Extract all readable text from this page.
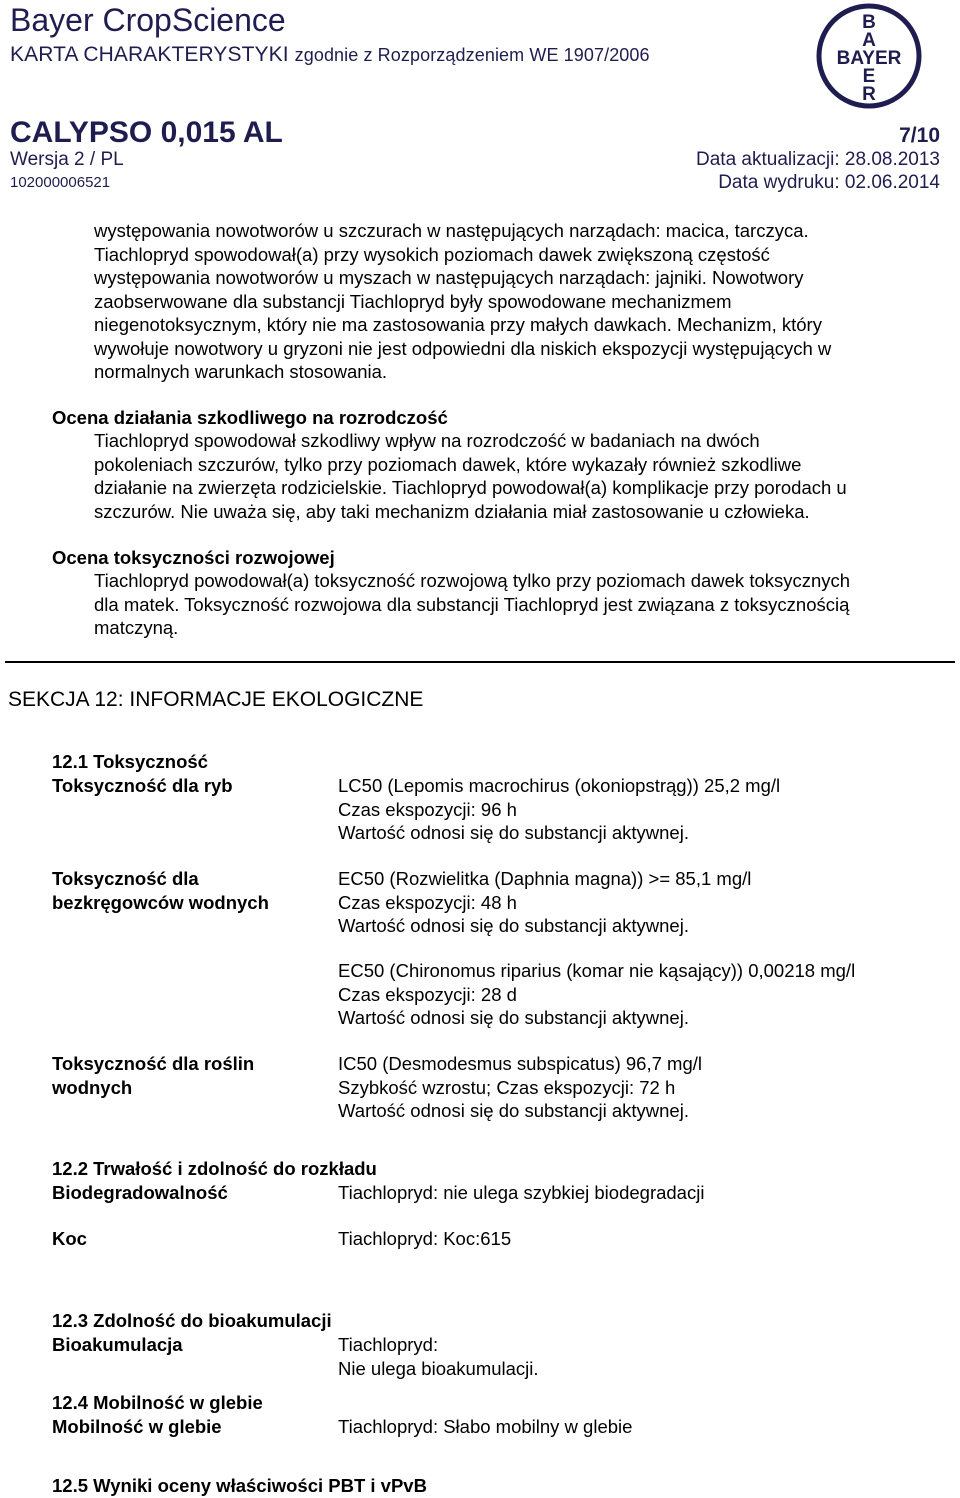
Bayer CropScience
KARTA CHARAKTERYSTYKI zgodnie z Rozporządzeniem WE 1907/2006
CALYPSO 0,015 AL	7/10
Wersja 2 / PL	Data aktualizacji: 28.08.2013
102000006521	Data wydruku: 02.06.2014
B
A
BAYER
E
R

występowania nowotworów u szczurach w następujących narządach: macica, tarczyca.
Tiachlopryd spowodował(a) przy wysokich poziomach dawek zwiększoną częstość
występowania nowotworów u myszach w następujących narządach: jajniki. Nowotwory
zaobserwowane dla substancji Tiachlopryd były spowodowane mechanizmem
niegenotoksycznym, który nie ma zastosowania przy małych dawkach. Mechanizm, który
wywołuje nowotwory u gryzoni nie jest odpowiedni dla niskich ekspozycji występujących w
normalnych warunkach stosowania.

Ocena działania szkodliwego na rozrodczość

Tiachlopryd spowodował szkodliwy wpływ na rozrodczość w badaniach na dwóch
pokoleniach szczurów, tylko przy poziomach dawek, które wykazały również szkodliwe
działanie na zwierzęta rodzicielskie. Tiachlopryd powodował(a) komplikacje przy porodach u
szczurów. Nie uważa się, aby taki mechanizm działania miał zastosowanie u człowieka.

Ocena toksyczności rozwojowej

Tiachlopryd powodował(a) toksyczność rozwojową tylko przy poziomach dawek toksycznych
dla matek. Toksyczność rozwojowa dla substancji Tiachlopryd jest związana z toksycznością
matczyną.

SEKCJA 12: INFORMACJE EKOLOGICZNE

12.1 Toksyczność

Toksyczność dla ryb	LC50 (Lepomis macrochirus (okoniopstrąg)) 25,2 mg/l
Czas ekspozycji: 96 h
Wartość odnosi się do substancji aktywnej.

Toksyczność dla
bezkręgowców wodnych

EC50 (Rozwielitka (Daphnia magna)) >= 85,1 mg/l
Czas ekspozycji: 48 h
Wartość odnosi się do substancji aktywnej.

EC50 (Chironomus riparius (komar nie kąsający)) 0,00218 mg/l
Czas ekspozycji: 28 d
Wartość odnosi się do substancji aktywnej.

Toksyczność dla roślin
wodnych

IC50 (Desmodesmus subspicatus) 96,7 mg/l
Szybkość wzrostu; Czas ekspozycji: 72 h
Wartość odnosi się do substancji aktywnej.

12.2 Trwałość i zdolność do rozkładu

Biodegradowalność	Tiachlopryd: nie ulega szybkiej biodegradacji

Koc	Tiachlopryd: Koc:615

12.3 Zdolność do bioakumulacji

Bioakumulacja	Tiachlopryd:
Nie ulega bioakumulacji.

12.4 Mobilność w glebie

Mobilność w glebie	Tiachlopryd: Słabo mobilny w glebie

12.5 Wyniki oceny właściwości PBT i vPvB
